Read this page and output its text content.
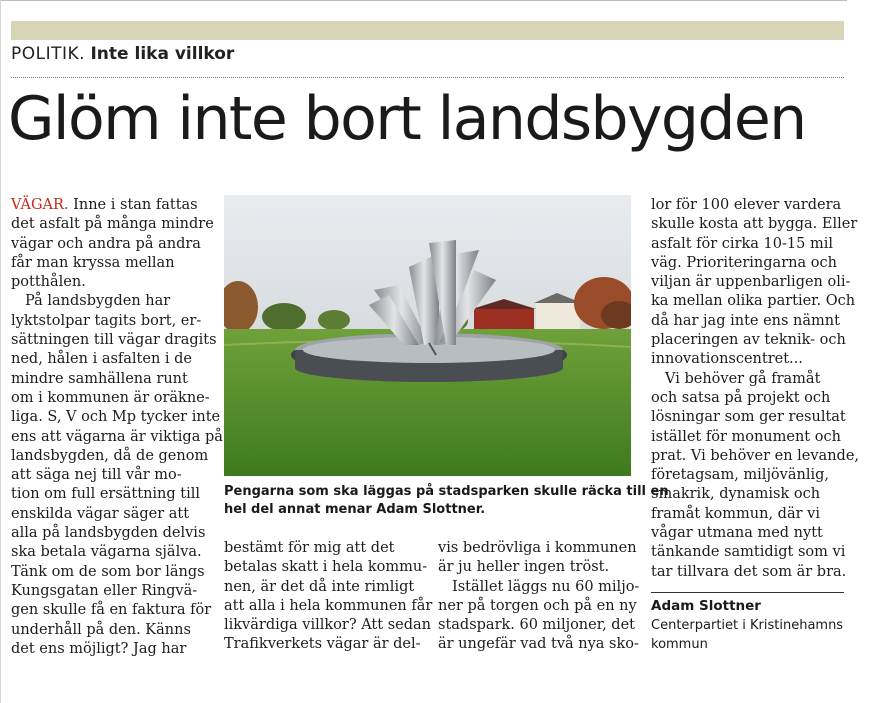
POLITIK. Inte lika villkor
Glöm inte bort landsbygden
VÄGAR. Inne i stan fattas
det asfalt på många mindre
vägar och andra på andra
får man kryssa mellan
potthålen.
På landsbygden har
lyktstolpar tagits bort, er-
sättningen till vägar dragits
ned, hålen i asfalten i de
mindre samhällena runt
om i kommunen är oräkne-
liga. S, V och Mp tycker inte
ens att vägarna är viktiga på
landsbygden, då de genom
att säga nej till vår mo-
tion om full ersättning till
enskilda vägar säger att
alla på landsbygden delvis
ska betala vägarna själva.
Tänk om de som bor längs
Kungsgatan eller Ringvä-
gen skulle få en faktura för
underhåll på den. Känns
det ens möjligt? Jag har
Pengarna som ska läggas på stadsparken skulle räcka till en
hel del annat menar Adam Slottner.
bestämt för mig att det
betalas skatt i hela kommu-
nen, är det då inte rimligt
att alla i hela kommunen får
likvärdiga villkor? Att sedan
Trafikverkets vägar är del-
vis bedrövliga i kommunen
är ju heller ingen tröst.
Istället läggs nu 60 miljo-
ner på torgen och på en ny
stadspark. 60 miljoner, det
är ungefär vad två nya sko-
lor för 100 elever vardera
skulle kosta att bygga. Eller
asfalt för cirka 10-15 mil
väg. Prioriteringarna och
viljan är uppenbarligen oli-
ka mellan olika partier. Och
då har jag inte ens nämnt
placeringen av teknik- och
innovationscentret...
Vi behöver gå framåt
och satsa på projekt och
lösningar som ger resultat
istället för monument och
prat. Vi behöver en levande,
företagsam, miljövänlig,
smakrik, dynamisk och
framåt kommun, där vi
vågar utmana med nytt
tänkande samtidigt som vi
tar tillvara det som är bra.
Adam Slottner
Centerpartiet i Kristinehamns
kommun
